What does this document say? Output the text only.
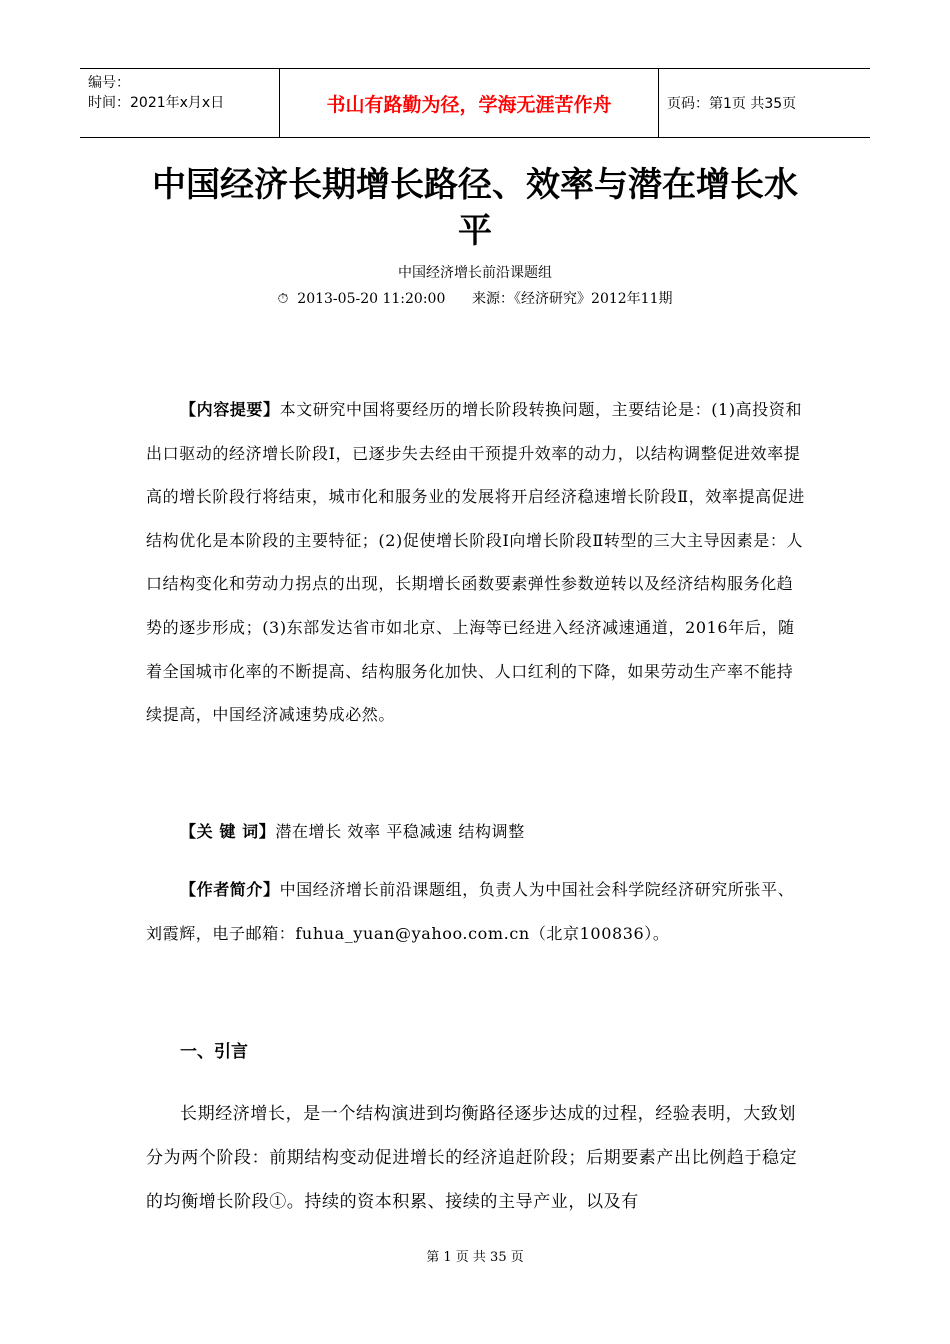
编号：
时间：2021年x月x日	书山有路勤为径，学海无涯苦作舟	页码：第1页 共35页
中国经济长期增长路径、效率与潜在增长水
平
中国经济增长前沿课题组
⏱  2013-05-20 11:20:00      来源：《经济研究》2012年11期
【内容提要】本文研究中国将要经历的增长阶段转换问题，主要结论是：(1)高投资和出口驱动的经济增长阶段Ⅰ，已逐步失去经由干预提升效率的动力，以结构调整促进效率提高的增长阶段行将结束，城市化和服务业的发展将开启经济稳速增长阶段Ⅱ，效率提高促进结构优化是本阶段的主要特征；(2)促使增长阶段Ⅰ向增长阶段Ⅱ转型的三大主导因素是：人口结构变化和劳动力拐点的出现，长期增长函数要素弹性参数逆转以及经济结构服务化趋势的逐步形成；(3)东部发达省市如北京、上海等已经进入经济减速通道，2016年后，随着全国城市化率的不断提高、结构服务化加快、人口红利的下降，如果劳动生产率不能持续提高，中国经济减速势成必然。
【关 键 词】潜在增长 效率 平稳减速 结构调整
【作者简介】中国经济增长前沿课题组，负责人为中国社会科学院经济研究所张平、刘霞辉，电子邮箱：fuhua_yuan@yahoo.com.cn（北京100836）。
一、引言
长期经济增长，是一个结构演进到均衡路径逐步达成的过程，经验表明，大致划分为两个阶段：前期结构变动促进增长的经济追赶阶段；后期要素产出比例趋于稳定的均衡增长阶段①。持续的资本积累、接续的主导产业，以及有
第 1 页 共 35 页
